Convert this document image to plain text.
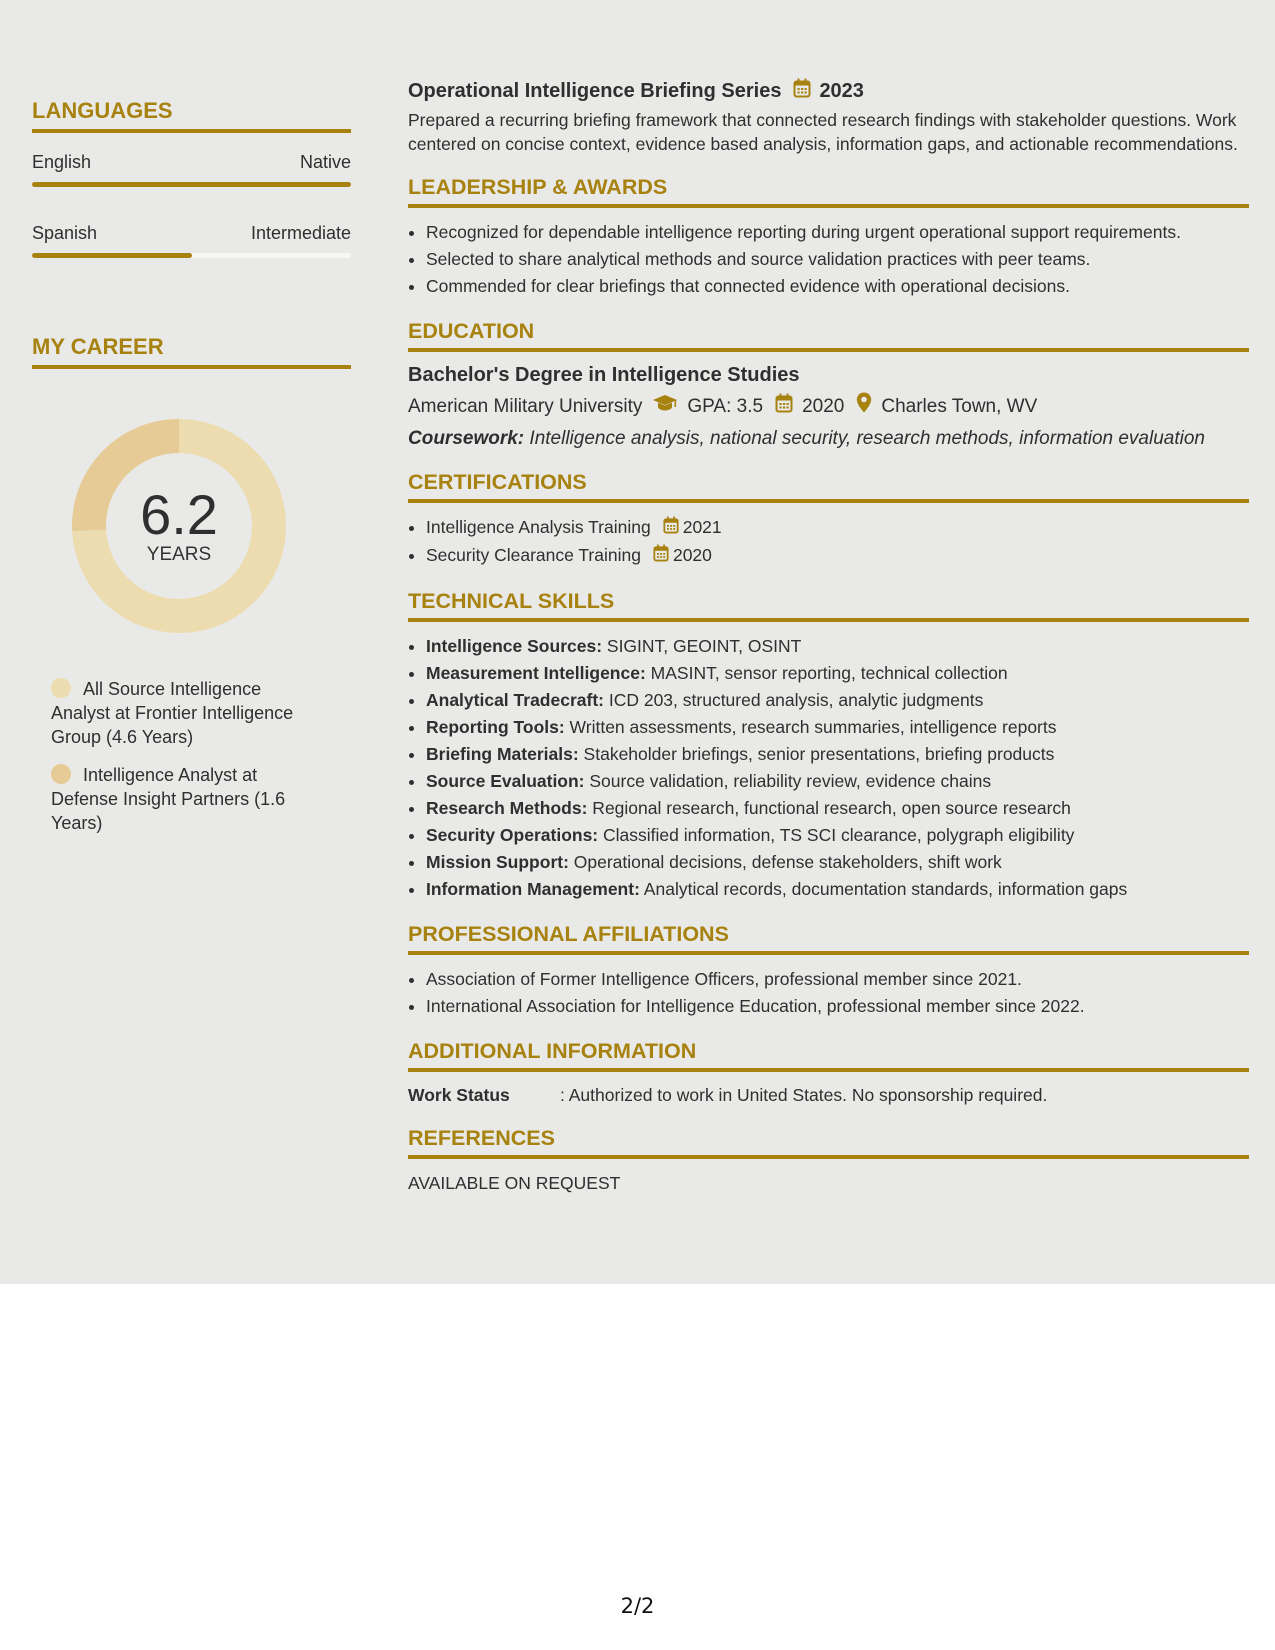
LANGUAGES
English	Native
Spanish	Intermediate
MY CAREER
6.2
YEARS
All Source Intelligence Analyst at Frontier Intelligence Group (4.6 Years)
Intelligence Analyst at Defense Insight Partners (1.6 Years)
Operational Intelligence Briefing Series 2023
Prepared a recurring briefing framework that connected research findings with stakeholder questions. Work centered on concise context, evidence based analysis, information gaps, and actionable recommendations.
LEADERSHIP & AWARDS
• Recognized for dependable intelligence reporting during urgent operational support requirements.
• Selected to share analytical methods and source validation practices with peer teams.
• Commended for clear briefings that connected evidence with operational decisions.
EDUCATION
Bachelor's Degree in Intelligence Studies
American Military University GPA: 3.5 2020 Charles Town, WV
Coursework: Intelligence analysis, national security, research methods, information evaluation
CERTIFICATIONS
• Intelligence Analysis Training 2021
• Security Clearance Training 2020
TECHNICAL SKILLS
• Intelligence Sources: SIGINT, GEOINT, OSINT
• Measurement Intelligence: MASINT, sensor reporting, technical collection
• Analytical Tradecraft: ICD 203, structured analysis, analytic judgments
• Reporting Tools: Written assessments, research summaries, intelligence reports
• Briefing Materials: Stakeholder briefings, senior presentations, briefing products
• Source Evaluation: Source validation, reliability review, evidence chains
• Research Methods: Regional research, functional research, open source research
• Security Operations: Classified information, TS SCI clearance, polygraph eligibility
• Mission Support: Operational decisions, defense stakeholders, shift work
• Information Management: Analytical records, documentation standards, information gaps
PROFESSIONAL AFFILIATIONS
• Association of Former Intelligence Officers, professional member since 2021.
• International Association for Intelligence Education, professional member since 2022.
ADDITIONAL INFORMATION
Work Status	: Authorized to work in United States. No sponsorship required.
REFERENCES
AVAILABLE ON REQUEST
2/2
